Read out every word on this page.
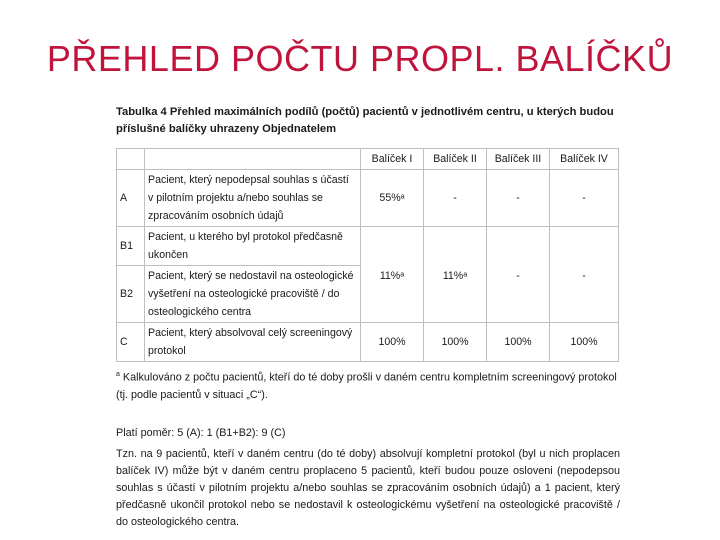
PŘEHLED POČTU PROPL. BALÍČKŮ
Tabulka 4 Přehled maximálních podílů (počtů) pacientů v jednotlivém centru, u kterých budou příslušné balíčky uhrazeny Objednatelem
		Balíček I	Balíček II	Balíček III	Balíček IV
A	Pacient, který nepodepsal souhlas s účastí v pilotním projektu a/nebo souhlas se zpracováním osobních údajů	55%ᵃ	-	-	-
B1	Pacient, u kterého byl protokol předčasně ukončen				
B2	Pacient, který se nedostavil na osteologické vyšetření na osteologické pracoviště / do osteologického centra	11%ᵃ	11%ᵃ	-	-
C	Pacient, který absolvoval celý screeningový protokol	100%	100%	100%	100%
$^a$ Kalkulováno z počtu pacientů, kteří do té doby prošli v daném centru kompletním screeningový protokol (tj. podle pacientů v situaci „C“).
Platí poměr: 5 (A): 1 (B1+B2): 9 (C)
Tzn. na 9 pacientů, kteří v daném centru (do té doby) absolvují kompletní protokol (byl u nich proplacen balíček IV) může být v daném centru proplaceno 5 pacientů, kteří budou pouze osloveni (nepodepsou souhlas s účastí v pilotním projektu a/nebo souhlas se zpracováním osobních údajů) a 1 pacient, který předčasně ukončil protokol nebo se nedostavil k osteologickému vyšetření na osteologické pracoviště / do osteologického centra.
